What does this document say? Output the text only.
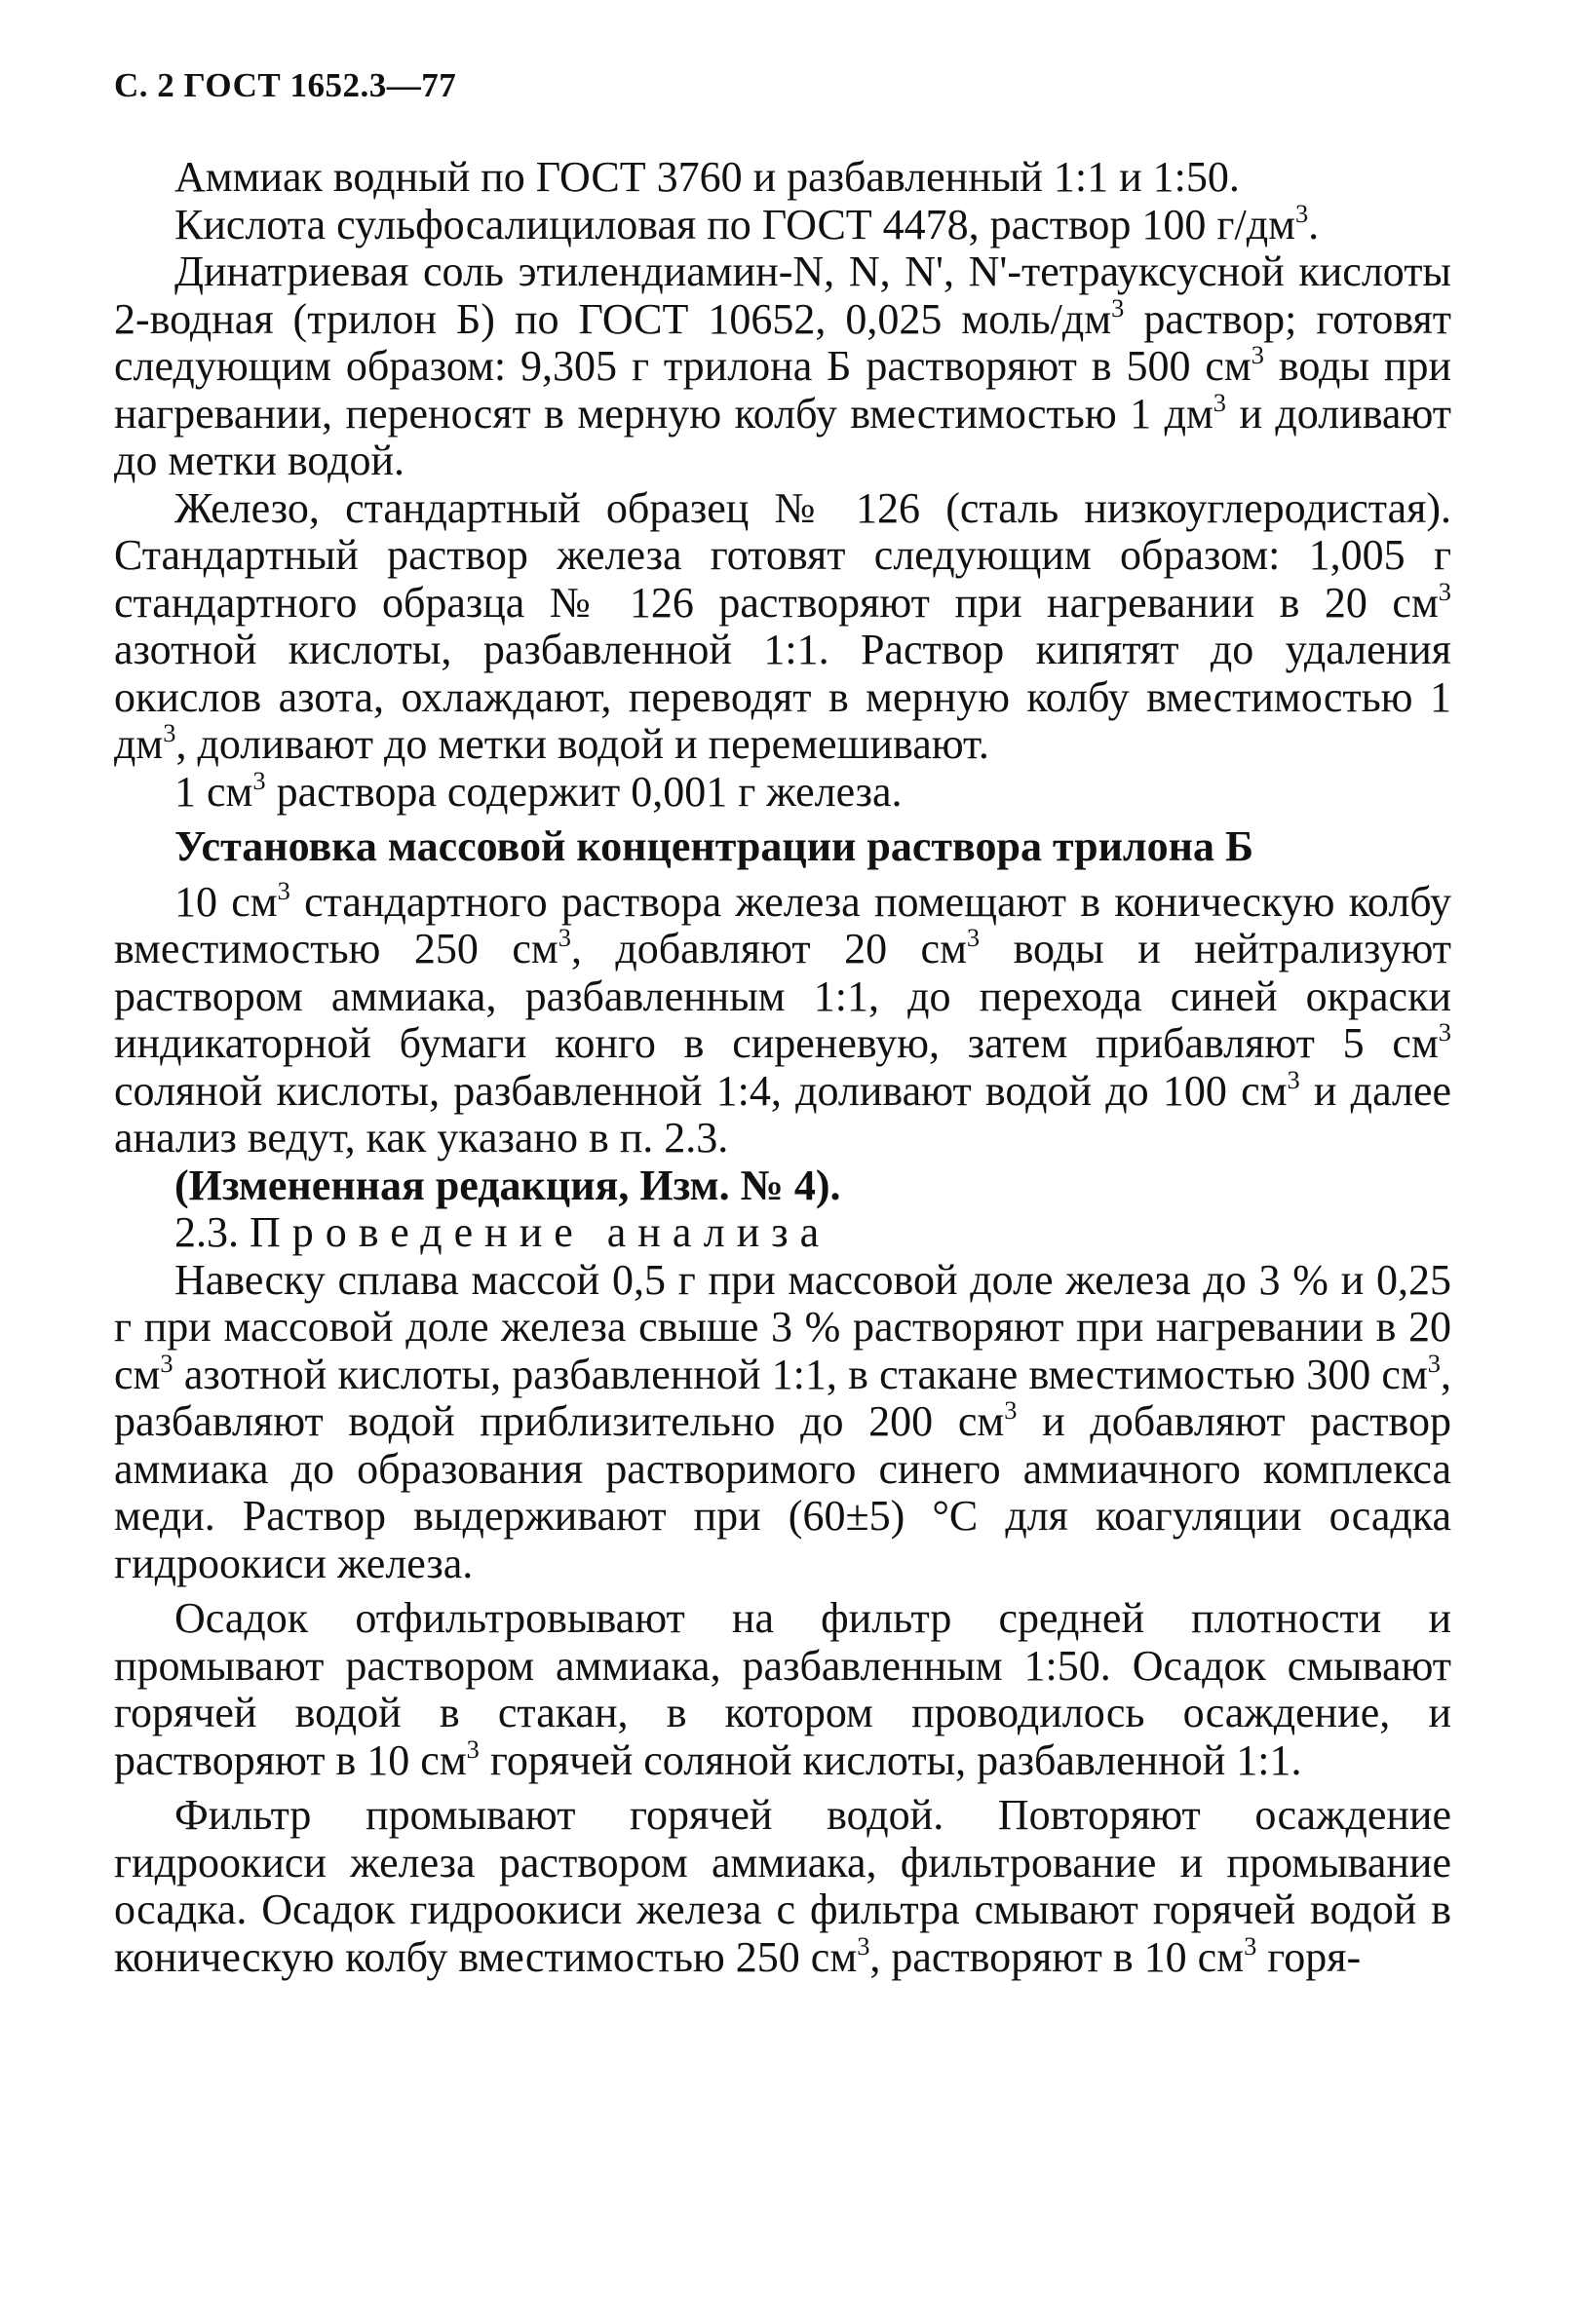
С. 2 ГОСТ 1652.3—77

Аммиак водный по ГОСТ 3760 и разбавленный 1:1 и 1:50.

Кислота сульфосалициловая по ГОСТ 4478, раствор 100 $г/дм^3$.

Динатриевая соль этилендиамин-N, N, N', N'-тетрауксусной кислоты 2-водная (трилон Б) по ГОСТ 10652, 0,025 моль/$дм^3$ раствор; готовят следующим образом: 9,305 г трилона Б растворяют в 500 $см^3$ воды при нагревании, переносят в мерную колбу вместимостью 1 $дм^3$ и доливают до метки водой.

Железо, стандартный образец № 126 (сталь низкоуглеродистая). Стандартный раствор железа готовят следующим образом: 1,005 г стандартного образца № 126 растворяют при нагревании в 20 $см^3$ азотной кислоты, разбавленной 1:1. Раствор кипятят до удаления окислов азота, охлаждают, переводят в мерную колбу вместимостью 1 $дм^3$, доливают до метки водой и перемешивают.

1 $см^3$ раствора содержит 0,001 г железа.

Установка массовой концентрации раствора трилона Б

10 $см^3$ стандартного раствора железа помещают в коническую колбу вместимостью 250 $см^3$, добавляют 20 $см^3$ воды и нейтрализуют раствором аммиака, разбавленным 1:1, до перехода синей окраски индикаторной бумаги конго в сиреневую, затем прибавляют 5 $см^3$ соляной кислоты, разбавленной 1:4, доливают водой до 100 $см^3$ и далее анализ ведут, как указано в п. 2.3.

(Измененная редакция, Изм. № 4).

2.3. Проведение анализа

Навеску сплава массой 0,5 г при массовой доле железа до 3 % и 0,25 г при массовой доле железа свыше 3 % растворяют при нагревании в 20 $см^3$ азотной кислоты, разбавленной 1:1, в стакане вместимостью 300 $см^3$, разбавляют водой приблизительно до 200 $см^3$ и добавляют раствор аммиака до образования растворимого синего аммиачного комплекса меди. Раствор выдерживают при (60±5) °С для коагуляции осадка гидроокиси железа.

Осадок отфильтровывают на фильтр средней плотности и промывают раствором аммиака, разбавленным 1:50. Осадок смывают горячей водой в стакан, в котором проводилось осаждение, и растворяют в 10 $см^3$ горячей соляной кислоты, разбавленной 1:1.

Фильтр промывают горячей водой. Повторяют осаждение гидроокиси железа раствором аммиака, фильтрование и промывание осадка. Осадок гидроокиси железа с фильтра смывают горячей водой в коническую колбу вместимостью 250 $см^3$, растворяют в 10 $см^3$ горя-
